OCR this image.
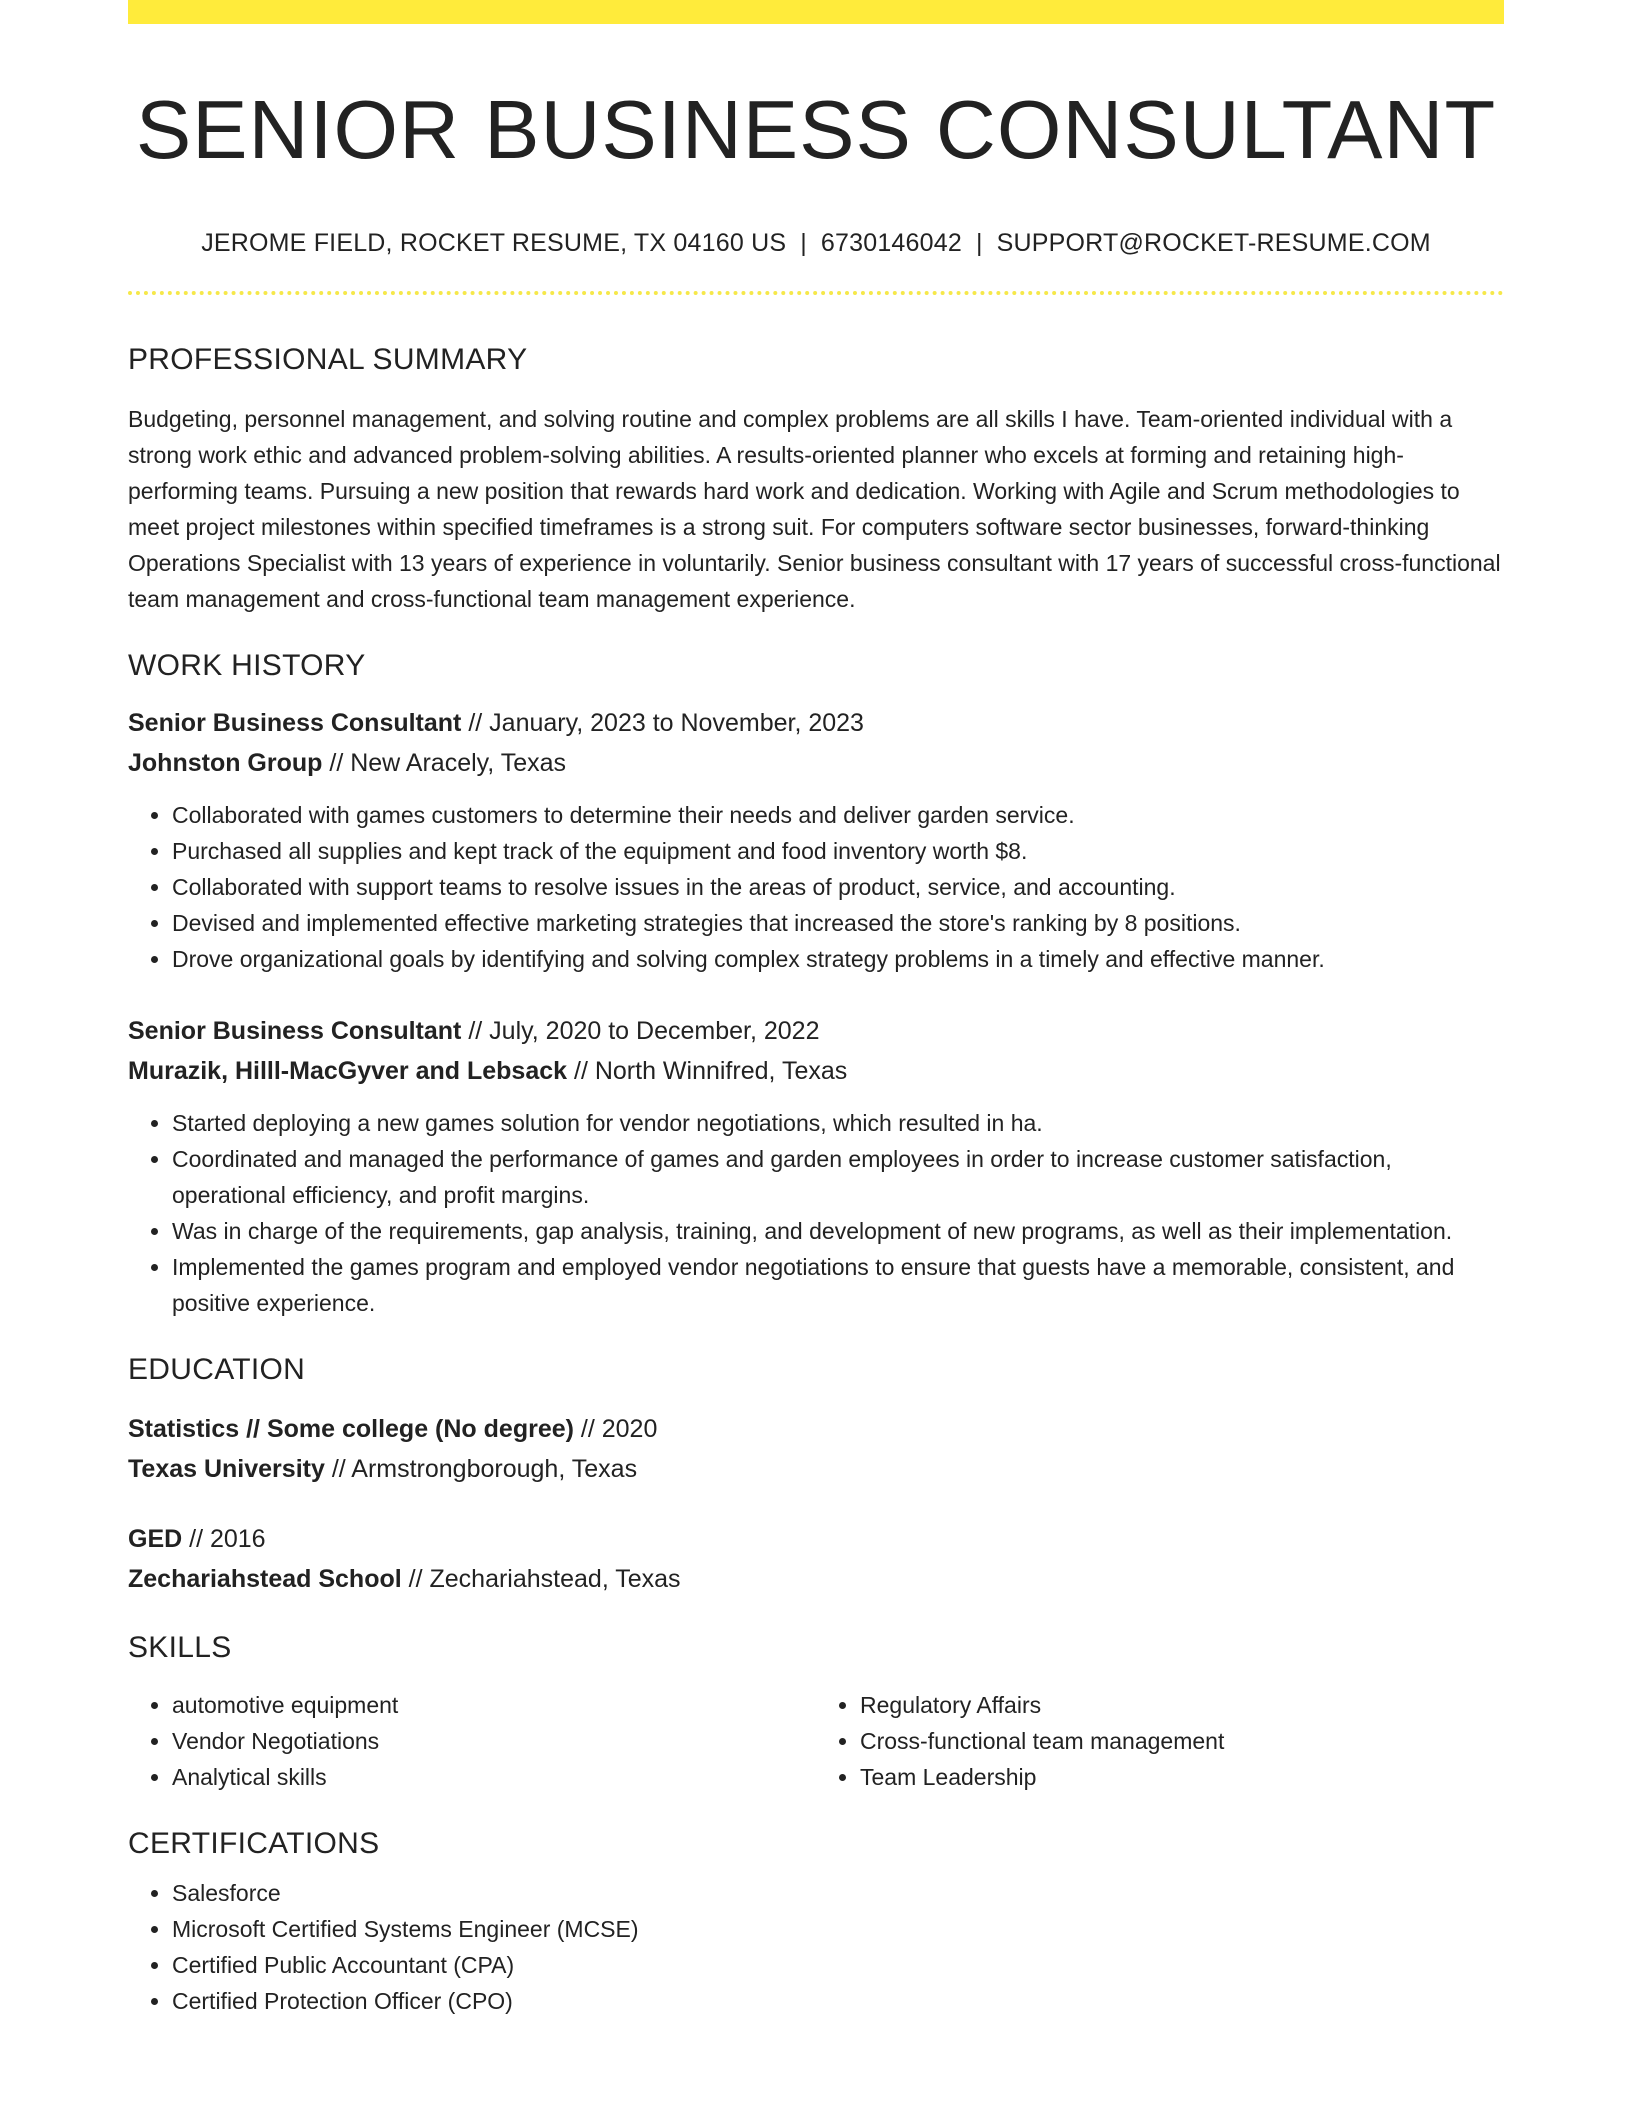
SENIOR BUSINESS CONSULTANT
JEROME FIELD, ROCKET RESUME, TX 04160 US | 6730146042 | SUPPORT@ROCKET-RESUME.COM
PROFESSIONAL SUMMARY
Budgeting, personnel management, and solving routine and complex problems are all skills I have. Team-oriented individual with a strong work ethic and advanced problem-solving abilities. A results-oriented planner who excels at forming and retaining high-performing teams. Pursuing a new position that rewards hard work and dedication. Working with Agile and Scrum methodologies to meet project milestones within specified timeframes is a strong suit. For computers software sector businesses, forward-thinking Operations Specialist with 13 years of experience in voluntarily. Senior business consultant with 17 years of successful cross-functional team management and cross-functional team management experience.
WORK HISTORY
Senior Business Consultant // January, 2023 to November, 2023
Johnston Group // New Aracely, Texas
• Collaborated with games customers to determine their needs and deliver garden service.
• Purchased all supplies and kept track of the equipment and food inventory worth $8.
• Collaborated with support teams to resolve issues in the areas of product, service, and accounting.
• Devised and implemented effective marketing strategies that increased the store's ranking by 8 positions.
• Drove organizational goals by identifying and solving complex strategy problems in a timely and effective manner.
Senior Business Consultant // July, 2020 to December, 2022
Murazik, Hilll-MacGyver and Lebsack // North Winnifred, Texas
• Started deploying a new games solution for vendor negotiations, which resulted in ha.
• Coordinated and managed the performance of games and garden employees in order to increase customer satisfaction, operational efficiency, and profit margins.
• Was in charge of the requirements, gap analysis, training, and development of new programs, as well as their implementation.
• Implemented the games program and employed vendor negotiations to ensure that guests have a memorable, consistent, and positive experience.
EDUCATION
Statistics // Some college (No degree) // 2020
Texas University // Armstrongborough, Texas
GED // 2016
Zechariahstead School // Zechariahstead, Texas
SKILLS
• automotive equipment
• Vendor Negotiations
• Analytical skills
• Regulatory Affairs
• Cross-functional team management
• Team Leadership
CERTIFICATIONS
• Salesforce
• Microsoft Certified Systems Engineer (MCSE)
• Certified Public Accountant (CPA)
• Certified Protection Officer (CPO)
